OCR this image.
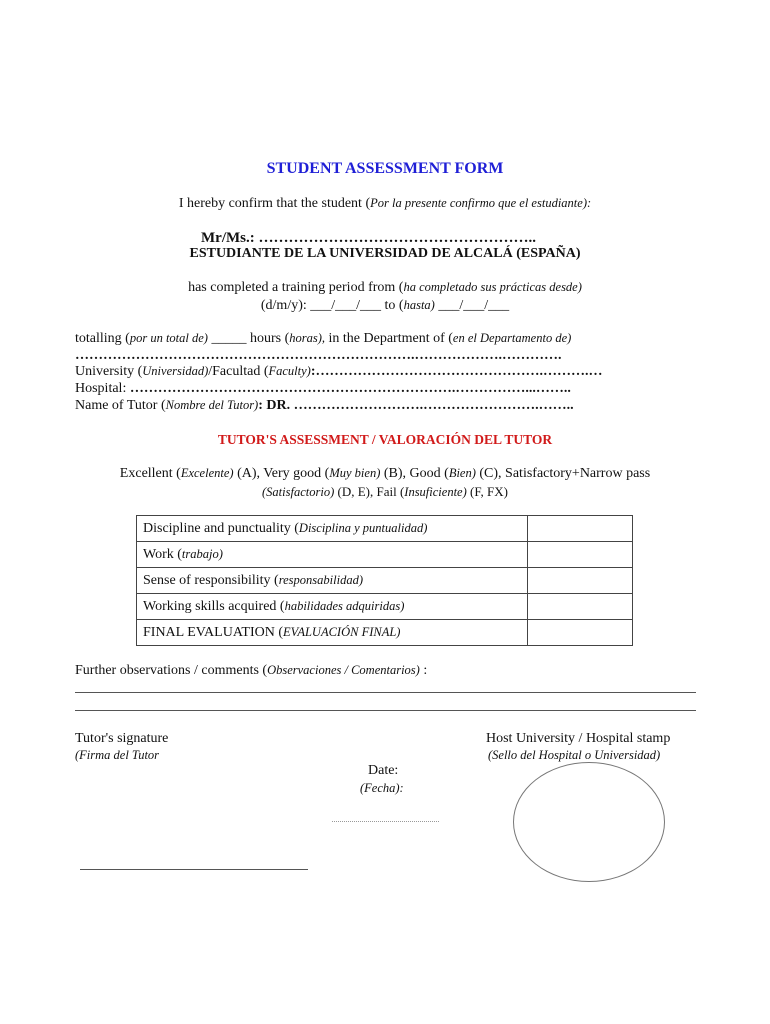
STUDENT ASSESSMENT FORM
I hereby confirm that the student (Por la presente confirmo que el estudiante):
Mr/Ms.: ………………………………………………..
ESTUDIANTE DE LA UNIVERSIDAD DE ALCALÁ (ESPAÑA)
has completed a training period from (ha completado sus prácticas desde)
(d/m/y): ___/___/___ to (hasta) ___/___/___
totalling (por un total de) _____ hours (horas), in the Department of (en el Departamento de)
……………………………………………………………….……………….………….
University (Universidad)/Facultad (Faculty):………………………………………….……….…
Hospital: …………………………………………………………….……………...……..
Name of Tutor (Nombre del Tutor): DR. ……………………….…………………….……..
TUTOR'S ASSESSMENT / VALORACIÓN DEL TUTOR
Excellent (Excelente) (A), Very good (Muy bien) (B), Good (Bien) (C), Satisfactory+Narrow pass
(Satisfactorio) (D, E), Fail (Insuficiente) (F, FX)
Discipline and punctuality (Disciplina y puntualidad)	
Work (trabajo)	
Sense of responsibility (responsabilidad)	
Working skills acquired (habilidades adquiridas)	
FINAL EVALUATION (EVALUACIÓN FINAL)	
Further observations / comments (Observaciones / Comentarios) :
Tutor's signature
(Firma del Tutor
Host University / Hospital stamp
(Sello del Hospital o Universidad)
Date:
(Fecha):
